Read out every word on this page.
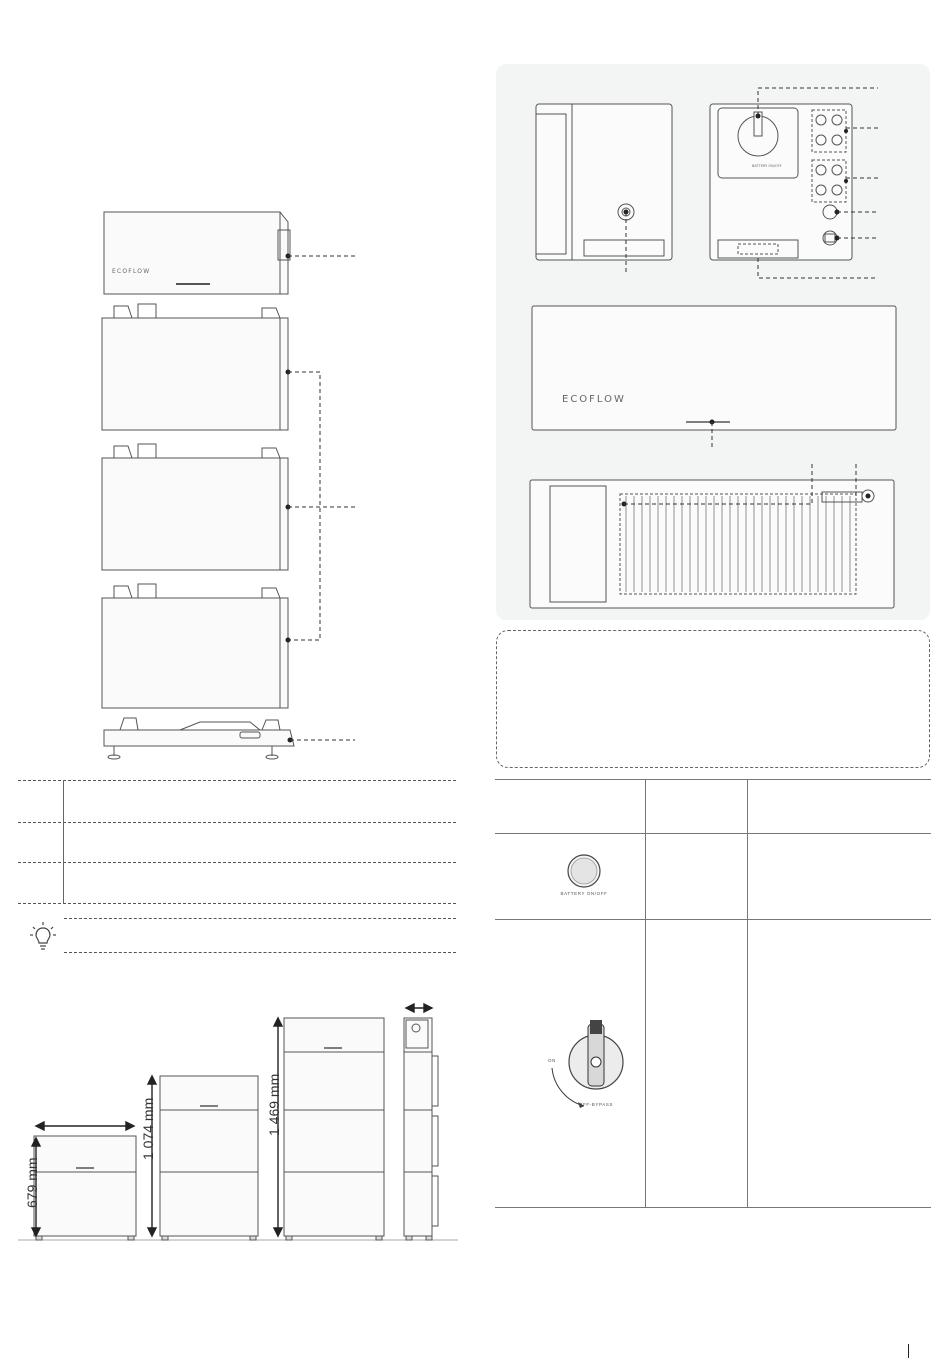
ECOFLOW
679 mm
1 074 mm	1 469 mm
BATTERY ON/OFF
ECOFLOW
BATTERY ON/OFF
ON
OFF-BYPASS
